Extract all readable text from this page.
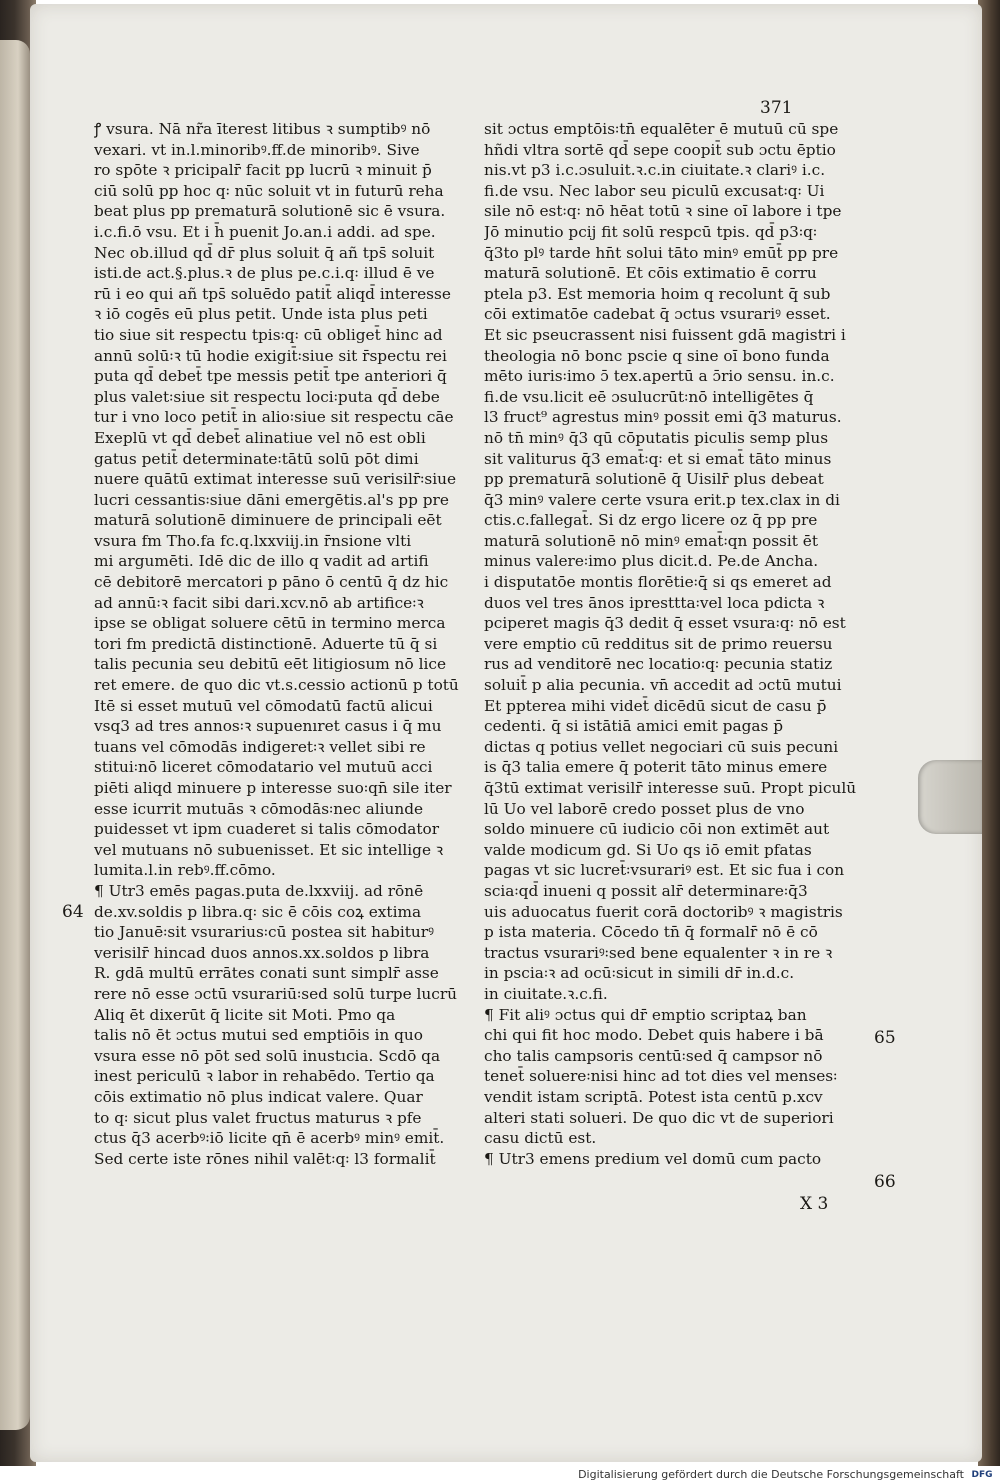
371
64
65
66
ꝭ vsura. Nā nr̃a īterest litibus ꝛ sumptibꝰ nō
vexari. vt in.l.minoribꝰ.ff.de minoribꝰ. Sive
ro spōte ꝛ pricipalr̄ facit pp lucrū ꝛ minuit p̄
ciū solū pp hoc q꞉ nūc soluit vt in futurū reha
beat plus pp prematurā solutionē sic ē vsura.
i.c.fi.ō vsu. Et i h̄ puenit Jo.an.i addi. ad spe.
Nec ob.illud qd̄ dr̄ plus soluit q̄ añ tps̄ soluit
isti.de act.§.plus.ꝛ de plus pe.c.i.q꞉ illud ē ve
rū i eo qui añ tps̄ soluēdo patit̄ aliqd̄ interesse
ꝛ iō cogēs eū plus petit. Unde ista plus peti
tio siue sit respectu tpis꞉q꞉ cū obliget̄ hinc ad
annū solū꞉ꝛ tū hodie exigit̄꞉siue sit r̄spectu rei
puta qd̄ debet̄ tpe messis petit̄ tpe anteriori q̄
plus valet꞉siue sit respectu loci꞉puta qd̄ debe
tur i vno loco petit̄ in alio꞉siue sit respectu cāe
Exeplū vt qd̄ debet̄ alinatiue vel nō est obli
gatus petit̄ determinate꞉tātū solū pōt dimi
nuere quātū extimat interesse suū verisilr̄꞉siue
lucri cessantis꞉siue dāni emergētis.al's pp pre
maturā solutionē diminuere de principali eēt
vsura fm Tho.fa fc.q.lxxviij.in r̄nsione vlti
mi argumēti. Idē dic de illo q vadit ad artifi
cē debitorē mercatori p pāno ō centū q̄ dz hic
ad annū꞉ꝛ facit sibi dari.xcv.nō ab artifice꞉ꝛ
ipse se obligat soluere cētū in termino merca
tori fm predictā distinctionē. Aduerte tū q̄ si
talis pecunia seu debitū eēt litigiosum nō lice
ret emere. de quo dic vt.s.cessio actionū p totū
Itē si esset mutuū vel cōmodatū factū alicui
vsq3 ad tres annos꞉ꝛ supuenıret casus i q̄ mu
tuans vel cōmodās indigeret꞉ꝛ vellet sibi re
stitui꞉nō liceret cōmodatario vel mutuū acci
piēti aliqd minuere p interesse suo꞉qn̄ sile iter
esse icurrit mutuās ꝛ cōmodās꞉nec aliunde
puidesset vt ipm cuaderet si talis cōmodator
vel mutuans nō subuenisset. Et sic intellige ꝛ
lumita.l.in rebꝰ.ff.cōmo.
¶ Utr3 emēs pagas.puta de.lxxviij. ad rōnē
de.xv.soldis p libra.q꞉ sic ē cōis coꝝ extima
tio Januē꞉sit vsurarius꞉cū postea sit habiturꝰ
verisilr̄ hincad duos annos.xx.soldos p libra
R. gdā multū errātes conati sunt simplr̄ asse
rere nō esse ɔctū vsurariū꞉sed solū turpe lucrū
Aliq ēt dixerūt q̄ licite sit Moti. Pmo qa
talis nō ēt ɔctus mutui sed emptiōis in quo
vsura esse nō pōt sed solū inustıcia. Scdō qa
inest periculū ꝛ labor in rehabēdo. Tertio qa
cōis extimatio nō plus indicat valere. Quar
to q꞉ sicut plus valet fructus maturus ꝛ pfe
ctus q̄3 acerbꝰ꞉iō licite qn̄ ē acerbꝰ minꝰ emit̄.
Sed certe iste rōnes nihil valēt꞉q꞉ l3 formalit̄
sit ɔctus emptōis꞉tn̄ equalēter ē mutuū cū spe
hñdi vltra sortē qd̄ sepe coopit̄ sub ɔctu ēptio
nis.vt p3 i.c.ɔsuluit.ꝛ.c.in ciuitate.ꝛ clariꝰ i.c.
fi.de vsu. Nec labor seu piculū excusat꞉q꞉ Ui
sile nō est꞉q꞉ nō hēat totū ꝛ sine oı̄ labore i tpe
Jō minutio pcij fit solū respcū tpis. qd̄ p3꞉q꞉
q̄3to plꝰ tarde hn̄t solui tāto minꝰ emūt̄ pp pre
maturā solutionē. Et cōis extimatio ē corru
ptela p3. Est memoria hoim q recolunt q̄ sub
cōi extimatōe cadebat q̄ ɔctus vsurariꝰ esset.
Et sic pseucrassent nisi fuissent gdā magistri i
theologia nō bonc pscie q sine oı̄ bono funda
mēto iuris꞉imo ɔ̄ tex.apertū a ɔ̄rio sensu. in.c.
fi.de vsu.licit eē ɔsulucrūt꞉nō intelligētes q̄
l3 fruct⁹ agrestus minꝰ possit emi q̄3 maturus.
nō tn̄ minꝰ q̄3 qū cōputatis piculis semp plus
sit valiturus q̄3 emat̄꞉q꞉ et si emat̄ tāto minus
pp prematurā solutionē q̄ Uisilr̄ plus debeat
q̄3 minꝰ valere certe vsura erit.p tex.clax in di
ctis.c.fallegat̄. Si dz ergo licere oz q̄ pp pre
maturā solutionē nō minꝰ emat̄꞉qn possit ēt
minus valere꞉imo plus dicit.d. Pe.de Ancha.
i disputatōe montis florētie꞉q̄ si qs emeret ad
duos vel tres ānos ipresttta꞉vel loca pdicta ꝛ
pciperet magis q̄3 dedit q̄ esset vsura꞉q꞉ nō est
vere emptio cū redditus sit de primo reuersu
rus ad venditorē nec locatio꞉q꞉ pecunia statiz
soluit̄ p alia pecunia. vn̄ accedit ad ɔctū mutui
Et ppterea mihi videt̄ dicēdū sicut de casu p̄
cedenti. q̄ si istātiā amici emit pagas p̄
dictas q potius vellet negociari cū suis pecuni
is q̄3 talia emere q̄ poterit tāto minus emere
q̄3tū extimat verisilr̄ interesse suū. Propt piculū
lū Uo vel laborē credo posset plus de vno
soldo minuere cū iudicio cōi non extimēt aut
valde modicum gd. Si Uo qs iō emit pfatas
pagas vt sic lucret̄꞉vsurariꝰ est. Et sic fua i con
scia꞉qd̄ inueni q possit alr̄ determinare꞉q̄3
uis aduocatus fuerit corā doctoribꝰ ꝛ magistris
p ista materia. Cōcedo tn̄ q̄ formalr̄ nō ē cō
tractus vsurariꝰ꞉sed bene equalenter ꝛ in re ꝛ
in pscia꞉ꝛ ad ocū꞉sicut in simili dr̄ in.d.c.
in ciuitate.ꝛ.c.fi.
¶ Fit aliꝰ ɔctus qui dr̄ emptio scriptaꝝ ban
chi qui fit hoc modo. Debet quis habere i bā
cho talis campsoris centū꞉sed q̄ campsor nō
tenet̄ soluere꞉nisi hinc ad tot dies vel menses꞉
vendit istam scriptā. Potest ista centū p.xcv
alteri stati solueri. De quo dic vt de superiori
casu dictū est.
¶ Utr3 emens predium vel domū cum pacto
X 3
Digitalisierung gefördert durch die Deutsche Forschungsgemeinschaft DFG
